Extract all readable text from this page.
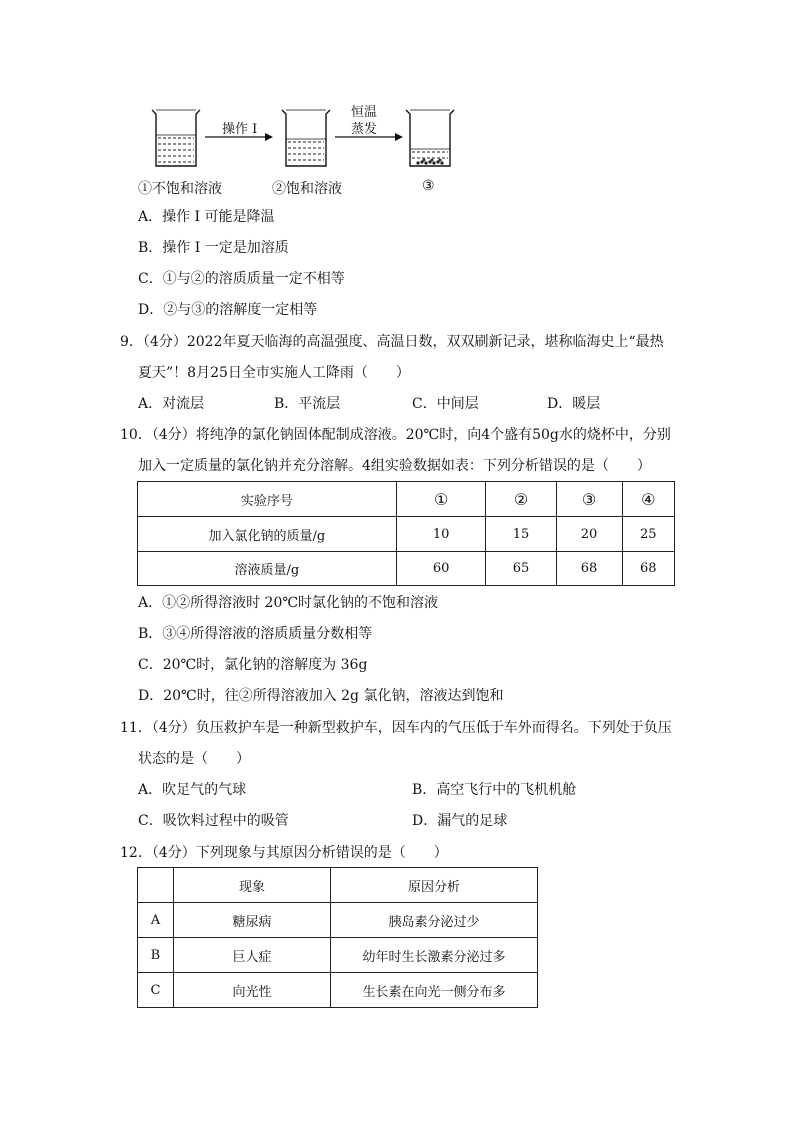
操作 I
恒温
蒸发
①不饱和溶液	②饱和溶液	③
A．操作 I 可能是降温
B．操作 I 一定是加溶质
C．①与②的溶质质量一定不相等
D．②与③的溶解度一定相等
9．（4分）2022年夏天临海的高温强度、高温日数，双双刷新记录，堪称临海史上“最热
夏天”！8月25日全市实施人工降雨（　　）
A．对流层	B．平流层	C．中间层	D．暖层
10．（4分）将纯净的氯化钠固体配制成溶液。20℃时，向4个盛有50g水的烧杯中，分别
加入一定质量的氯化钠并充分溶解。4组实验数据如表：下列分析错误的是（　　）
实验序号	①	②	③	④
加入氯化钠的质量/g	10	15	20	25
溶液质量/g	60	65	68	68
A．①②所得溶液时 20℃时氯化钠的不饱和溶液
B．③④所得溶液的溶质质量分数相等
C．20℃时，氯化钠的溶解度为 36g
D．20℃时，往②所得溶液加入 2g 氯化钠，溶液达到饱和
11．（4分）负压救护车是一种新型救护车，因车内的气压低于车外而得名。下列处于负压
状态的是（　　）
A．吹足气的气球	B．高空飞行中的飞机机舱
C．吸饮料过程中的吸管	D．漏气的足球
12．（4分）下列现象与其原因分析错误的是（　　）
	现象	原因分析
A	糖尿病	胰岛素分泌过少
B	巨人症	幼年时生长激素分泌过多
C	向光性	生长素在向光一侧分布多
